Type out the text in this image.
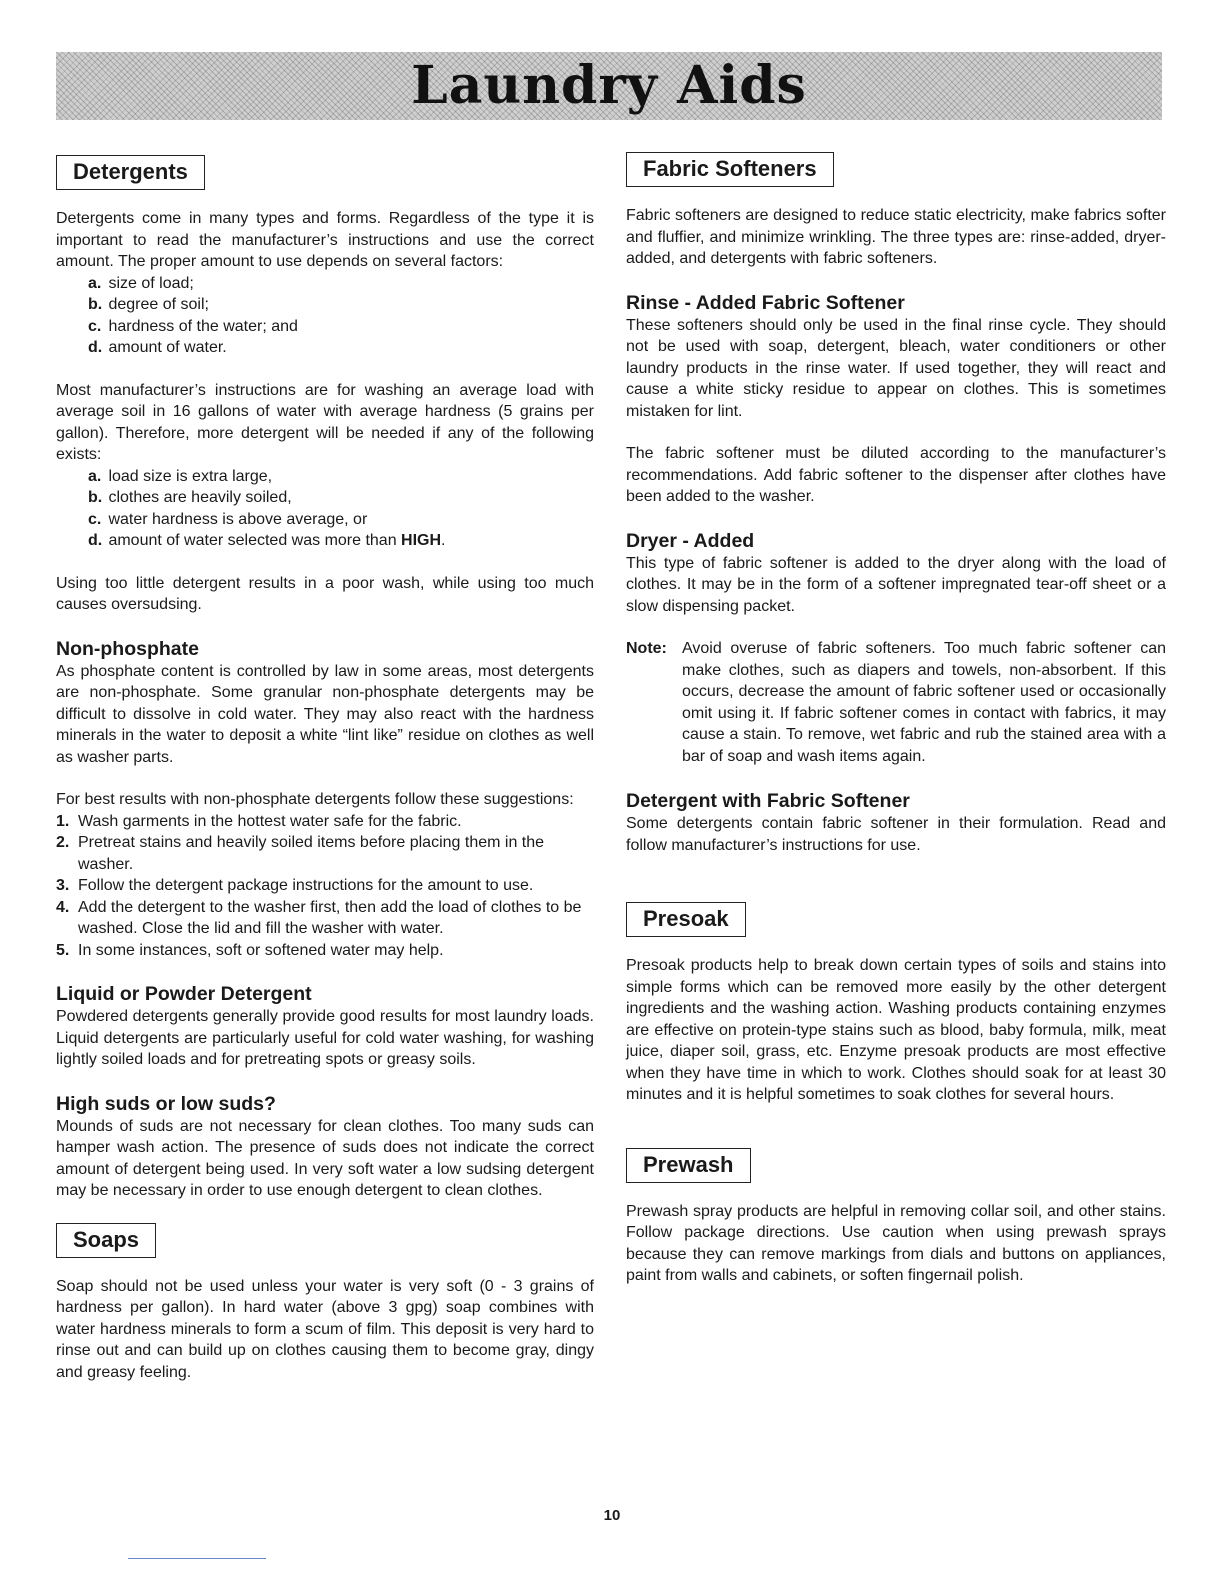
Laundry Aids
Detergents

Detergents come in many types and forms. Regardless of the type it is important to read the manufacturer’s instructions and use the correct amount. The proper amount to use depends on several factors:

a. size of load;
b. degree of soil;
c. hardness of the water; and
d. amount of water.

Most manufacturer’s instructions are for washing an average load with average soil in 16 gallons of water with average hardness (5 grains per gallon). Therefore, more detergent will be needed if any of the following exists:

a. load size is extra large,
b. clothes are heavily soiled,
c. water hardness is above average, or
d. amount of water selected was more than HIGH.

Using too little detergent results in a poor wash, while using too much causes oversudsing.

Non-phosphate

As phosphate content is controlled by law in some areas, most detergents are non-phosphate. Some granular non-phosphate detergents may be difficult to dissolve in cold water. They may also react with the hardness minerals in the water to deposit a white “lint like” residue on clothes as well as washer parts.

For best results with non-phosphate detergents follow these suggestions:

1. Wash garments in the hottest water safe for the fabric.
2. Pretreat stains and heavily soiled items before placing them in the washer.
3. Follow the detergent package instructions for the amount to use.
4. Add the detergent to the washer first, then add the load of clothes to be washed. Close the lid and fill the washer with water.
5. In some instances, soft or softened water may help.
Liquid or Powder Detergent

Powdered detergents generally provide good results for most laundry loads. Liquid detergents are particularly useful for cold water washing, for washing lightly soiled loads and for pretreating spots or greasy soils.

High suds or low suds?

Mounds of suds are not necessary for clean clothes. Too many suds can hamper wash action. The presence of suds does not indicate the correct amount of detergent being used. In very soft water a low sudsing detergent may be necessary in order to use enough detergent to clean clothes.

Soaps

Soap should not be used unless your water is very soft (0 - 3 grains of hardness per gallon). In hard water (above 3 gpg) soap combines with water hardness minerals to form a scum of film. This deposit is very hard to rinse out and can build up on clothes causing them to become gray, dingy and greasy feeling.

Fabric Softeners

Fabric softeners are designed to reduce static electricity, make fabrics softer and fluffier, and minimize wrinkling. The three types are: rinse-added, dryer-added, and detergents with fabric softeners.

Rinse - Added Fabric Softener

These softeners should only be used in the final rinse cycle. They should not be used with soap, detergent, bleach, water conditioners or other laundry products in the rinse water. If used together, they will react and cause a white sticky residue to appear on clothes. This is sometimes mistaken for lint.

The fabric softener must be diluted according to the manufacturer’s recommendations. Add fabric softener to the dispenser after clothes have been added to the washer.

Dryer - Added

This type of fabric softener is added to the dryer along with the load of clothes. It may be in the form of a softener impregnated tear-off sheet or a slow dispensing packet.

Note: Avoid overuse of fabric softeners. Too much fabric softener can make clothes, such as diapers and towels, non-absorbent. If this occurs, decrease the amount of fabric softener used or occasionally omit using it. If fabric softener comes in contact with fabrics, it may cause a stain. To remove, wet fabric and rub the stained area with a bar of soap and wash items again.
Detergent with Fabric Softener

Some detergents contain fabric softener in their formulation. Read and follow manufacturer’s instructions for use.

Presoak

Presoak products help to break down certain types of soils and stains into simple forms which can be removed more easily by the other detergent ingredients and the washing action. Washing products containing enzymes are effective on protein-type stains such as blood, baby formula, milk, meat juice, diaper soil, grass, etc. Enzyme presoak products are most effective when they have time in which to work. Clothes should soak for at least 30 minutes and it is helpful sometimes to soak clothes for several hours.

Prewash

Prewash spray products are helpful in removing collar soil, and other stains. Follow package directions. Use caution when using prewash sprays because they can remove markings from dials and buttons on appliances, paint from walls and cabinets, or soften fingernail polish.

10
